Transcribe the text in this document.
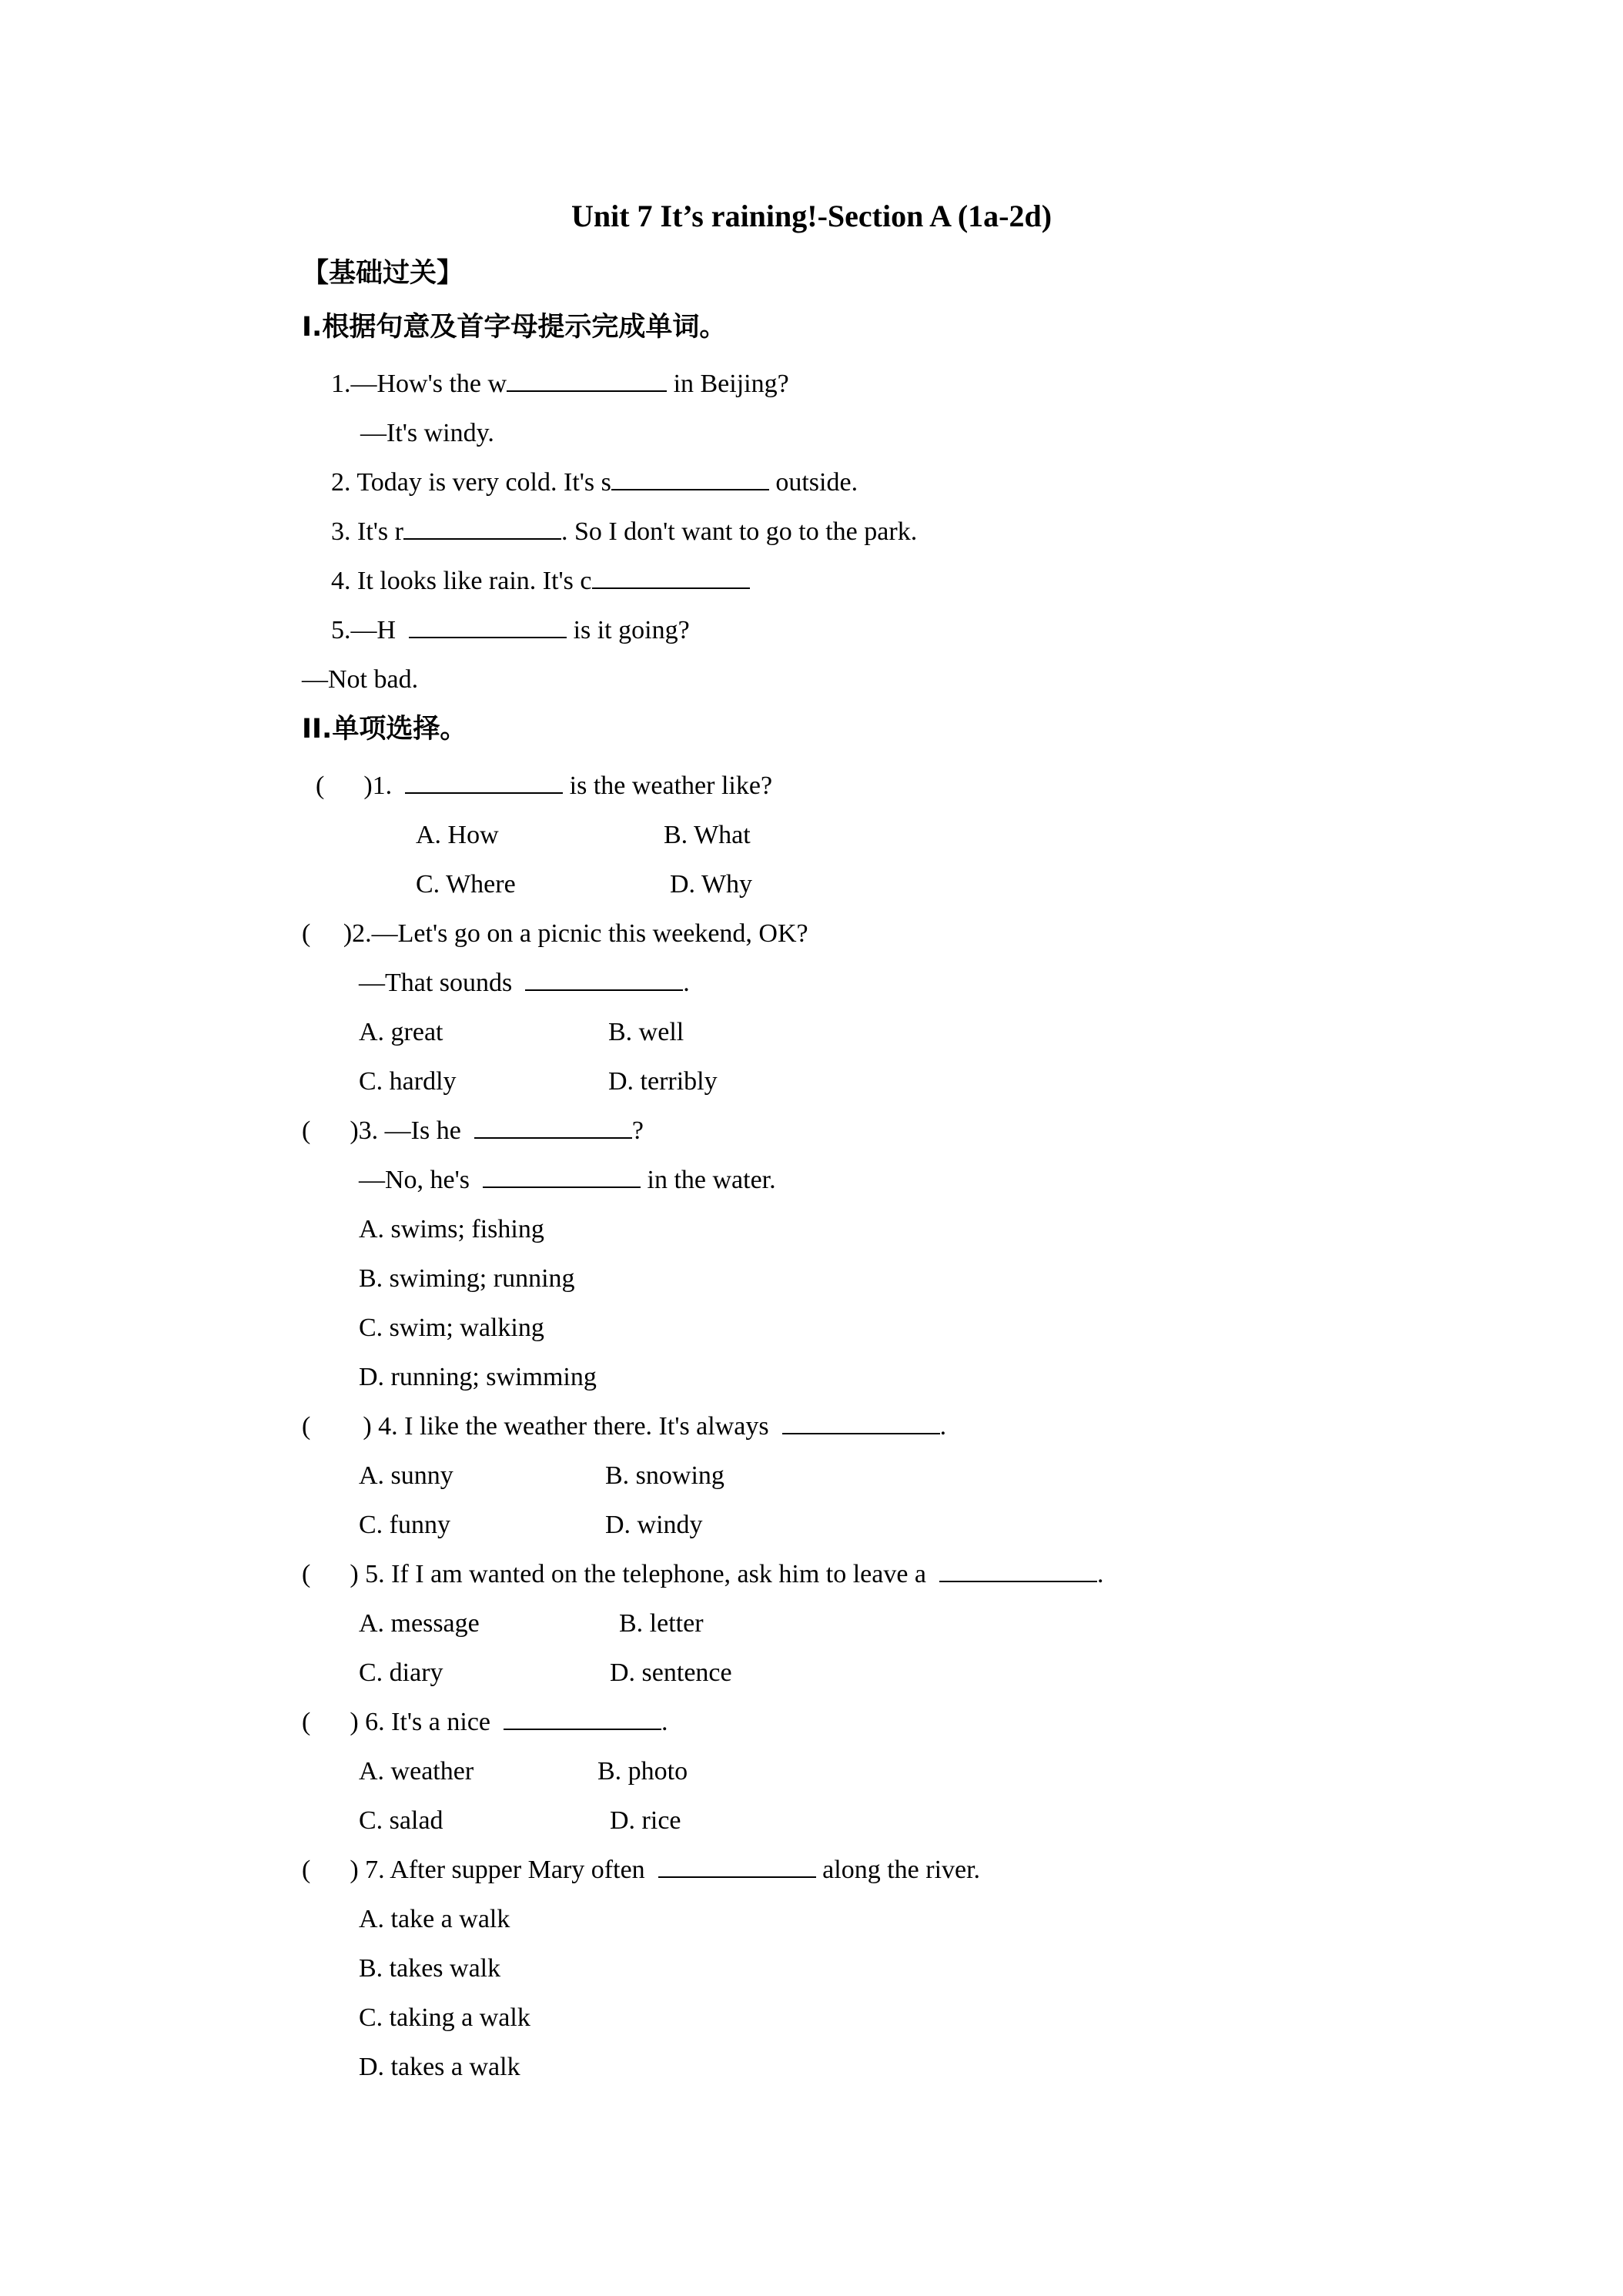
Unit 7 It’s raining!-Section A (1a-2d)
【基础过关】
I.根据句意及首字母提示完成单词。
1.—How's the w	in Beijing?
—It's windy.
2. Today is very cold. It's s	outside.
3. It's r	. So I don't want to go to the park.
4. It looks like rain. It's c
5.—H	is it going?
—Not bad.
II.单项选择。
(      )1.	is the weather like?
A. How	B. What
C. Where	D. Why
(     )2.—Let's go on a picnic this weekend, OK?
—That sounds	.
A. great	B. well
C. hardly	D. terribly
(      )3. —Is he	?
—No, he's	in the water.
A. swims; fishing
B. swiming; running
C. swim; walking
D. running; swimming
(        ) 4. I like the weather there. It's always	.
A. sunny	B. snowing
C. funny	D. windy
(      ) 5. If I am wanted on the telephone, ask him to leave a	.
A. message	B. letter
C. diary	D. sentence
(      ) 6. It's a nice	.
A. weather	B. photo
C. salad	D. rice
(      ) 7. After supper Mary often	along the river.
A. take a walk
B. takes walk
C. taking a walk
D. takes a walk
